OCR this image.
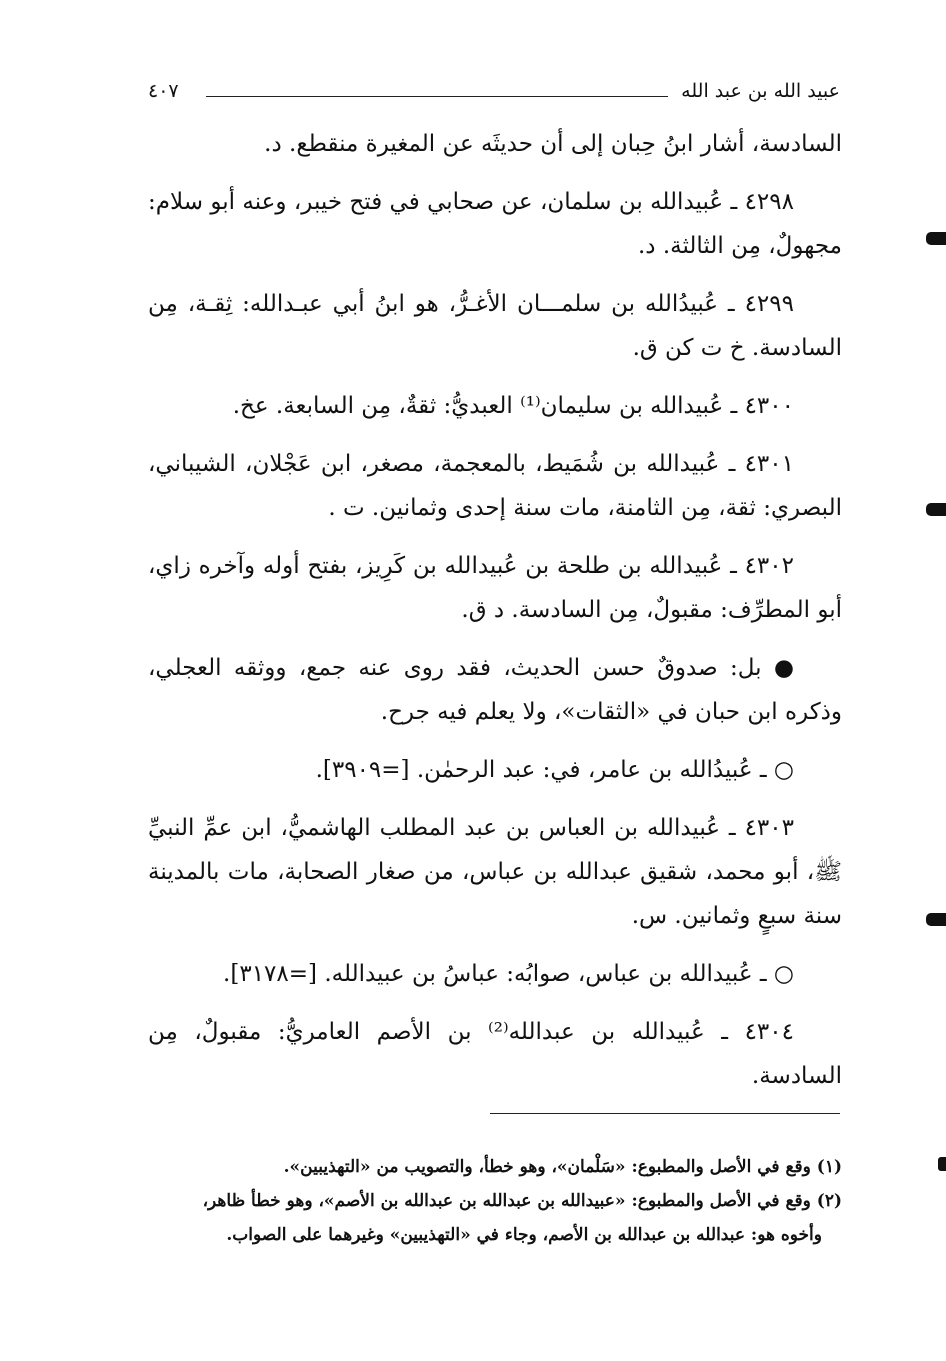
عبيد الله بن عبد الله
٤٠٧

السادسة، أشار ابنُ حِبان إلى أن حديثَه عن المغيرة منقطع. د.

٤٢٩٨ ـ عُبيدالله بن سلمان، عن صحابي في فتح خيبر، وعنه أبو سلام: مجهولٌ، مِن الثالثة. د.

٤٢٩٩ ـ عُبيدُالله بن سلمـــان الأغـرُّ، هو ابنُ أبي عبـدالله: ثِقـة، مِن السادسة. خ ت كن ق.

٤٣٠٠ ـ عُبيدالله بن سليمان⁽¹⁾ العبديُّ: ثقةٌ، مِن السابعة. عخ.

٤٣٠١ ـ عُبيدالله بن شُمَيط، بالمعجمة، مصغر، ابن عَجْلان، الشيباني، البصري: ثقة، مِن الثامنة، مات سنة إحدى وثمانين. ت .

٤٣٠٢ ـ عُبيدالله بن طلحة بن عُبيدالله بن كَرِيز، بفتح أوله وآخره زاي، أبو المطرِّف: مقبولٌ، مِن السادسة. د ق.

● بل: صدوقٌ حسن الحديث، فقد روى عنه جمع، ووثقه العجلي، وذكره ابن حبان في «الثقات»، ولا يعلم فيه جرح.

○ ـ عُبيدُالله بن عامر، في: عبد الرحمٰن. [=٣٩٠٩].

٤٣٠٣ ـ عُبيدالله بن العباس بن عبد المطلب الهاشميُّ، ابن عمِّ النبيِّ ﷺ، أبو محمد، شقيق عبدالله بن عباس، من صغار الصحابة، مات بالمدينة سنة سبعٍ وثمانين. س.

○ ـ عُبيدالله بن عباس، صوابُه: عباسُ بن عبيدالله. [=٣١٧٨].

٤٣٠٤ ـ عُبيدالله بن عبدالله⁽²⁾ بن الأصم العامريُّ: مقبولٌ، مِن السادسة.

(١) وقع في الأصل والمطبوع: «سَلْمان»، وهو خطأ، والتصويب من «التهذيبين».

(٢) وقع في الأصل والمطبوع: «عبيدالله بن عبدالله بن عبدالله بن الأصم»، وهو خطأ ظاهر،

وأخوه هو: عبدالله بن عبدالله بن الأصم، وجاء في «التهذيبين» وغيرهما على الصواب.
